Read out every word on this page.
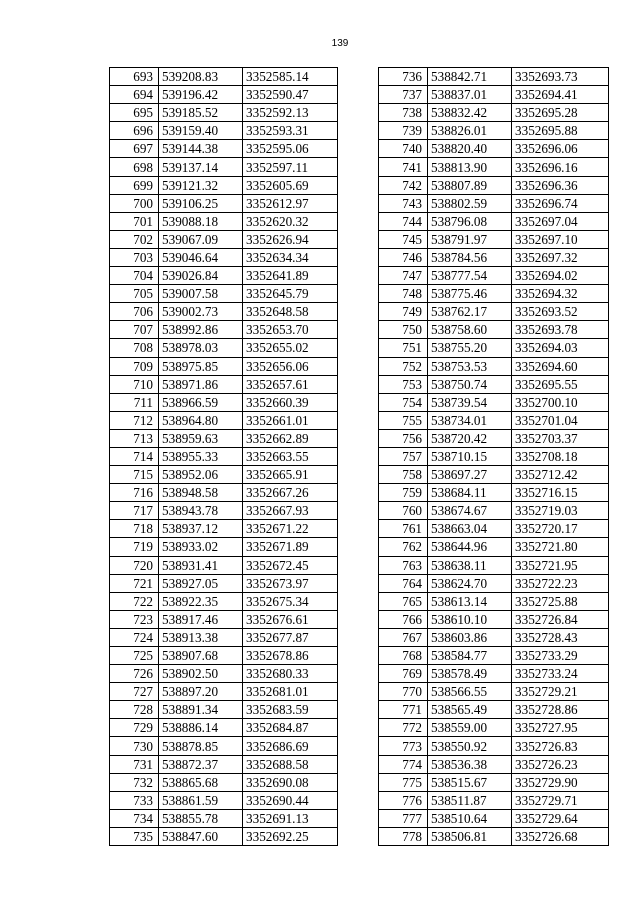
139
693	539208.83	3352585.14
694	539196.42	3352590.47
695	539185.52	3352592.13
696	539159.40	3352593.31
697	539144.38	3352595.06
698	539137.14	3352597.11
699	539121.32	3352605.69
700	539106.25	3352612.97
701	539088.18	3352620.32
702	539067.09	3352626.94
703	539046.64	3352634.34
704	539026.84	3352641.89
705	539007.58	3352645.79
706	539002.73	3352648.58
707	538992.86	3352653.70
708	538978.03	3352655.02
709	538975.85	3352656.06
710	538971.86	3352657.61
711	538966.59	3352660.39
712	538964.80	3352661.01
713	538959.63	3352662.89
714	538955.33	3352663.55
715	538952.06	3352665.91
716	538948.58	3352667.26
717	538943.78	3352667.93
718	538937.12	3352671.22
719	538933.02	3352671.89
720	538931.41	3352672.45
721	538927.05	3352673.97
722	538922.35	3352675.34
723	538917.46	3352676.61
724	538913.38	3352677.87
725	538907.68	3352678.86
726	538902.50	3352680.33
727	538897.20	3352681.01
728	538891.34	3352683.59
729	538886.14	3352684.87
730	538878.85	3352686.69
731	538872.37	3352688.58
732	538865.68	3352690.08
733	538861.59	3352690.44
734	538855.78	3352691.13
735	538847.60	3352692.25
736	538842.71	3352693.73
737	538837.01	3352694.41
738	538832.42	3352695.28
739	538826.01	3352695.88
740	538820.40	3352696.06
741	538813.90	3352696.16
742	538807.89	3352696.36
743	538802.59	3352696.74
744	538796.08	3352697.04
745	538791.97	3352697.10
746	538784.56	3352697.32
747	538777.54	3352694.02
748	538775.46	3352694.32
749	538762.17	3352693.52
750	538758.60	3352693.78
751	538755.20	3352694.03
752	538753.53	3352694.60
753	538750.74	3352695.55
754	538739.54	3352700.10
755	538734.01	3352701.04
756	538720.42	3352703.37
757	538710.15	3352708.18
758	538697.27	3352712.42
759	538684.11	3352716.15
760	538674.67	3352719.03
761	538663.04	3352720.17
762	538644.96	3352721.80
763	538638.11	3352721.95
764	538624.70	3352722.23
765	538613.14	3352725.88
766	538610.10	3352726.84
767	538603.86	3352728.43
768	538584.77	3352733.29
769	538578.49	3352733.24
770	538566.55	3352729.21
771	538565.49	3352728.86
772	538559.00	3352727.95
773	538550.92	3352726.83
774	538536.38	3352726.23
775	538515.67	3352729.90
776	538511.87	3352729.71
777	538510.64	3352729.64
778	538506.81	3352726.68
